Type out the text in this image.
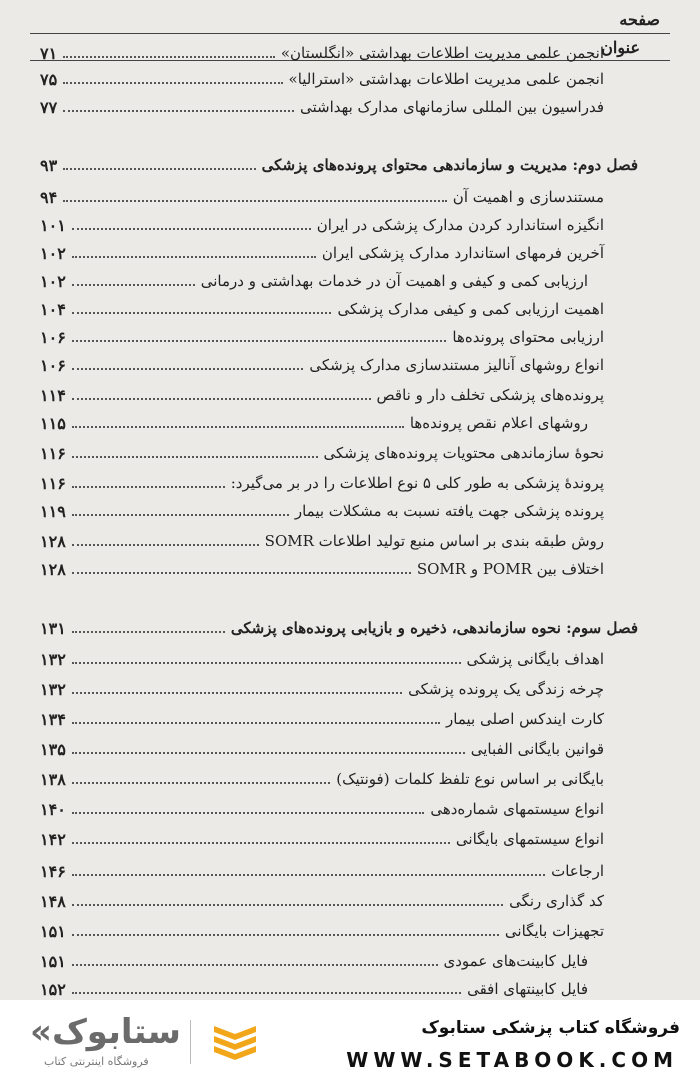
صفحه
عنوان
انجمن علمی مدیریت اطلاعات بهداشتی «انگلستان»
۷۱
انجمن علمی مدیریت اطلاعات بهداشتی «استرالیا»
۷۵
فدراسیون بین المللی سازمانهای مدارک بهداشتی
۷۷
فصل دوم: مدیریت و سازماندهی محتوای پرونده‌های پزشکی
۹۳
مستندسازی و اهمیت آن
۹۴
انگیزه استاندارد کردن مدارک پزشکی در ایران
۱۰۱
آخرین فرمهای استاندارد مدارک پزشکی ایران
۱۰۲
ارزیابی کمی و کیفی و اهمیت آن در خدمات بهداشتی و درمانی
۱۰۲
اهمیت ارزیابی کمی و کیفی مدارک پزشکی
۱۰۴
ارزیابی محتوای پرونده‌ها
۱۰۶
انواع روشهای آنالیز مستندسازی مدارک پزشکی
۱۰۶
پرونده‌های پزشکی تخلف دار و ناقص
۱۱۴
روشهای اعلام نقص پرونده‌ها
۱۱۵
نحوهٔ سازماندهی محتویات پرونده‌های پزشکی
۱۱۶
پروندهٔ پزشکی به طور کلی ۵ نوع اطلاعات را در بر می‌گیرد:
۱۱۶
پرونده پزشکی جهت یافته نسبت به مشکلات بیمار
۱۱۹
روش طبقه بندی بر اساس منبع تولید اطلاعات SOMR
۱۲۸
اختلاف بین POMR و SOMR
۱۲۸
فصل سوم: نحوه سازماندهی، ذخیره و بازیابی پرونده‌های پزشکی
۱۳۱
اهداف بایگانی پزشکی
۱۳۲
چرخه زندگی یک پرونده پزشکی
۱۳۲
کارت ایندکس اصلی بیمار
۱۳۴
قوانین بایگانی الفبایی
۱۳۵
بایگانی بر اساس نوع تلفظ کلمات (فونتیک)
۱۳۸
انواع سیستمهای شماره‌دهی
۱۴۰
انواع سیستمهای بایگانی
۱۴۲
ارجاعات
۱۴۶
کد گذاری رنگی
۱۴۸
تجهیزات بایگانی
۱۵۱
فایل کابینت‌های عمودی
۱۵۱
فایل کابینتهای افقی
۱۵۲
«ستابوک
فروشگاه اینترنتی کتاب
فروشگاه کتاب پزشکی ستابوک
WWW.SETABOOK.COM
